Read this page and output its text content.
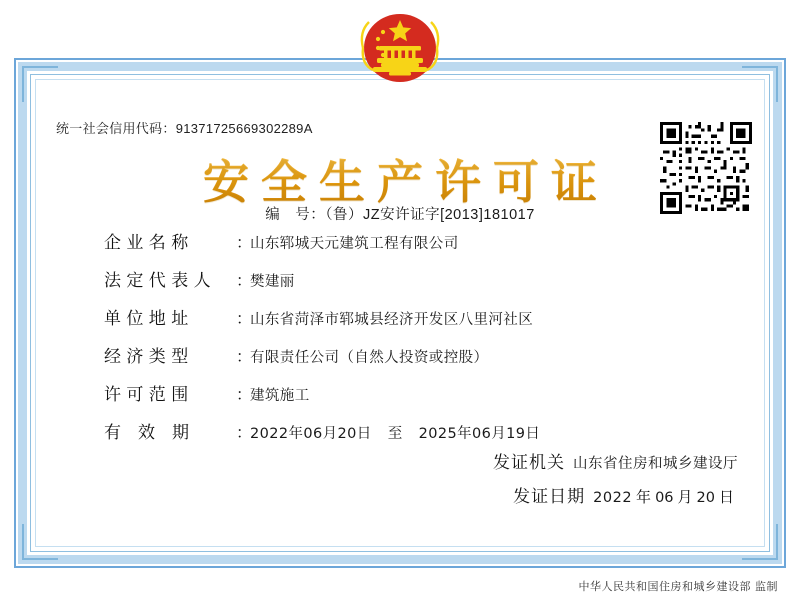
统一社会信用代码：91371725669302289A
安全生产许可证
编　号：（鲁）JZ安许证字[2013]181017
企 业 名 称	：
山东郓城天元建筑工程有限公司
法 定 代 表 人	：
樊建丽
单 位 地 址	：
山东省菏泽市郓城县经济开发区八里河社区
经 济 类 型	：
有限责任公司（自然人投资或控股）
许 可 范 围	：
建筑施工
有　效　期	：
2022年06月20日 至 2025年06月19日
发证机关 山东省住房和城乡建设厅
发证日期 2022 年 06 月 20 日
中华人民共和国住房和城乡建设部 监制
